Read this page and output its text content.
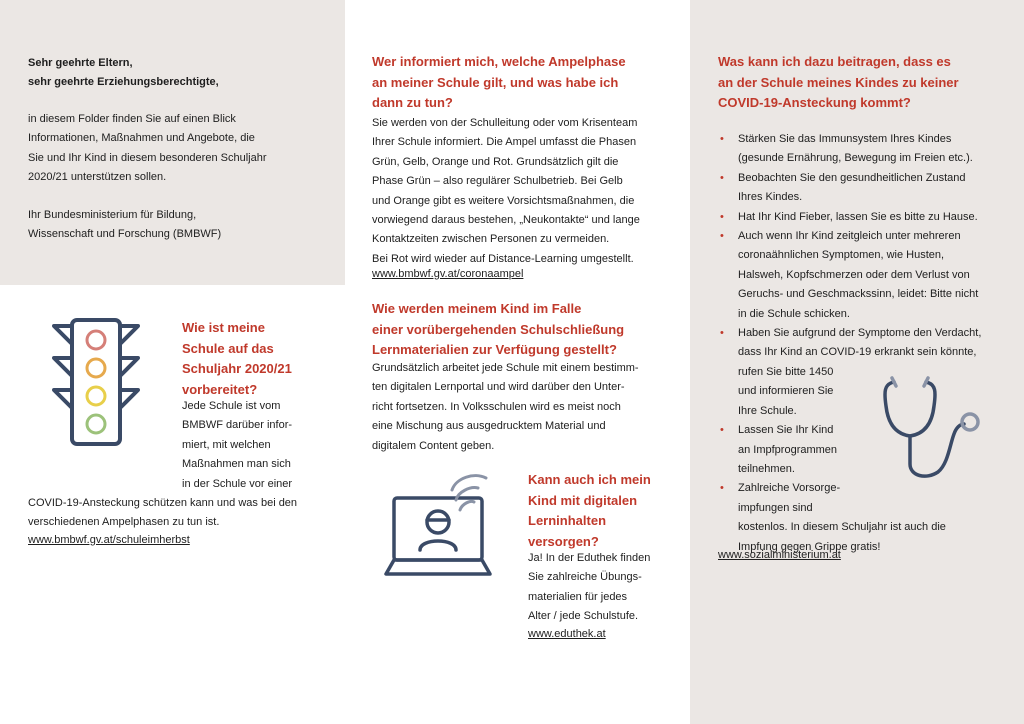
Sehr geehrte Eltern,
sehr geehrte Erziehungsberechtigte,
in diesem Folder finden Sie auf einen Blick
Informationen, Maßnahmen und Angebote, die
Sie und Ihr Kind in diesem besonderen Schuljahr
2020/21 unterstützen sollen.
Ihr Bundesministerium für Bildung,
Wissenschaft und Forschung (BMBWF)
Wie ist meine
Schule auf das
Schuljahr 2020/21
vorbereitet?
Jede Schule ist vom
BMBWF darüber infor-
miert, mit welchen
Maßnahmen man sich
in der Schule vor einer
COVID-19-Ansteckung schützen kann und was bei den
verschiedenen Ampelphasen zu tun ist.
www.bmbwf.gv.at/schuleimherbst
Wer informiert mich, welche Ampelphase
an meiner Schule gilt, und was habe ich
dann zu tun?
Sie werden von der Schulleitung oder vom Krisenteam
Ihrer Schule informiert. Die Ampel umfasst die Phasen
Grün, Gelb, Orange und Rot. Grundsätzlich gilt die
Phase Grün – also regulärer Schulbetrieb. Bei Gelb
und Orange gibt es weitere Vorsichtsmaßnahmen, die
vorwiegend daraus bestehen, „Neukontakte“ und lange
Kontaktzeiten zwischen Personen zu vermeiden.
Bei Rot wird wieder auf Distance-Learning umgestellt.
www.bmbwf.gv.at/coronaampel
Wie werden meinem Kind im Falle
einer vorübergehenden Schulschließung
Lernmaterialien zur Verfügung gestellt?
Grundsätzlich arbeitet jede Schule mit einem bestimm-
ten digitalen Lernportal und wird darüber den Unter-
richt fortsetzen. In Volksschulen wird es meist noch
eine Mischung aus ausgedrucktem Material und
digitalem Content geben.
Kann auch ich mein
Kind mit digitalen
Lerninhalten
versorgen?
Ja! In der Eduthek finden
Sie zahlreiche Übungs-
materialien für jedes
Alter / jede Schulstufe.
www.eduthek.at
Was kann ich dazu beitragen, dass es
an der Schule meines Kindes zu keiner
COVID-19-Ansteckung kommt?
• Stärken Sie das Immunsystem Ihres Kindes
(gesunde Ernährung, Bewegung im Freien etc.).
• Beobachten Sie den gesundheitlichen Zustand
Ihres Kindes.
• Hat Ihr Kind Fieber, lassen Sie es bitte zu Hause.
• Auch wenn Ihr Kind zeitgleich unter mehreren
coronaähnlichen Symptomen, wie Husten,
Halsweh, Kopfschmerzen oder dem Verlust von
Geruchs- und Geschmackssinn, leidet: Bitte nicht
in die Schule schicken.
• Haben Sie aufgrund der Symptome den Verdacht,
dass Ihr Kind an COVID-19 erkrankt sein könnte,
rufen Sie bitte 1450
und informieren Sie
Ihre Schule.
• Lassen Sie Ihr Kind
an Impfprogrammen
teilnehmen.
• Zahlreiche Vorsorge-
impfungen sind
kostenlos. In diesem Schuljahr ist auch die
Impfung gegen Grippe gratis!
www.sozialministerium.at
